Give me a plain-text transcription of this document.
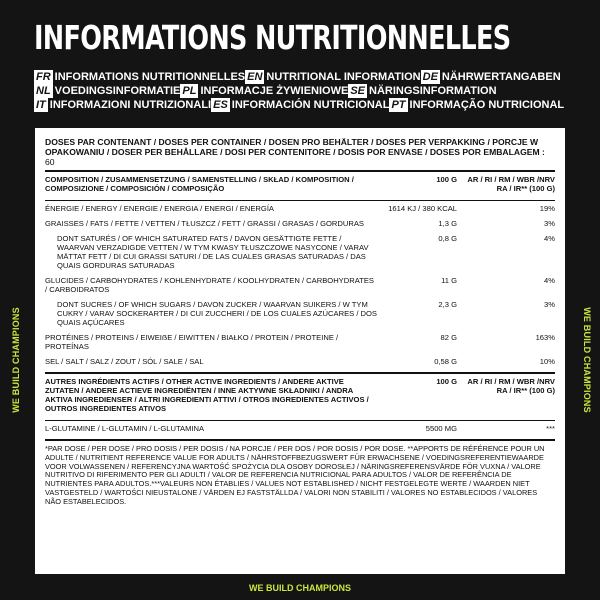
INFORMATIONS NUTRITIONNELLES
FR INFORMATIONS NUTRITIONNELLES EN NUTRITIONAL INFORMATION DE NÄHRWERTANGABEN
NL VOEDINGSINFORMATIE PL INFORMACJE ŻYWIENIOWE SE NÄRINGSINFORMATION
IT INFORMAZIONI NUTRIZIONALI ES INFORMACIÓN NUTRICIONAL PT INFORMAÇÃO NUTRICIONAL
WE BUILD CHAMPIONS	WE BUILD CHAMPIONS
DOSES PAR CONTENANT / DOSES PER CONTAINER / DOSEN PRO BEHÄLTER / DOSES PER VERPAKKING / PORCJE W OPAKOWANIU / DOSER PER BEHÅLLARE / DOSI PER CONTENITORE / DOSIS POR ENVASE / DOSES POR EMBALAGEM : 60
COMPOSITION / ZUSAMMENSETZUNG / SAMENSTELLING / SKŁAD / KOMPOSITION / COMPOSIZIONE / COMPOSICIÓN / COMPOSIÇÃO
100 G	AR / RI / RM / WBR /NRV RA / IR** (100 G)
ÉNERGIE / ENERGY / ENERGIE / ENERGIA / ENERGI / ENERGÍA	1614 KJ / 380 KCAL	19%
GRAISSES / FATS / FETTE / VETTEN / TŁUSZCZ / FETT / GRASSI / GRASAS / GORDURAS	1,3 G	3%
DONT SATURÉS / OF WHICH SATURATED FATS / DAVON GESÄTTIGTE FETTE / WAARVAN VERZADIGDE VETTEN / W TYM KWASY TŁUSZCZOWE NASYCONE / VARAV MÄTTAT FETT / DI CUI GRASSI SATURI / DE LAS CUALES GRASAS SATURADAS / DAS QUAIS GORDURAS SATURADAS
0,8 G	4%
GLUCIDES / CARBOHYDRATES / KOHLENHYDRATE / KOOLHYDRATEN / CARBOHYDRATES / CARBOIDRATOS
11 G	4%
DONT SUCRES / OF WHICH SUGARS / DAVON ZUCKER / WAARVAN SUIKERS / W TYM CUKRY / VARAV SOCKERARTER / DI CUI ZUCCHERI / DE LOS CUALES AZÚCARES / DOS QUAIS AÇÚCARES
2,3 G	3%
PROTÉINES / PROTEINS / EIWEIẞE / EIWITTEN / BIAŁKO / PROTEIN / PROTEINE / PROTEÍNAS
82 G	163%
SEL / SALT / SALZ / ZOUT / SÓL / SALE / SAL	0,58 G	10%
AUTRES INGRÉDIENTS ACTIFS / OTHER ACTIVE INGREDIENTS / ANDERE AKTIVE ZUTATEN / ANDERE ACTIEVE INGREDIËNTEN / INNE AKTYWNE SKŁADNIKI / ANDRA AKTIVA INGREDIENSER / ALTRI INGREDIENTI ATTIVI / OTROS INGREDIENTES ACTIVOS / OUTROS INGREDIENTES ATIVOS
100 G	AR / RI / RM / WBR /NRV RA / IR** (100 G)
L-GLUTAMINE / L-GLUTAMIN / L-GLUTAMINA	5500 MG	***
*PAR DOSE / PER DOSE / PRO DOSIS / PER DOSIS / NA PORCJE / PER DOS / POR DOSIS / POR DOSE. **APPORTS DE RÉFÉRENCE POUR UN ADULTE / NUTRITIENT REFERENCE VALUE FOR ADULTS / NÄHRSTOFFBEZUGSWERT FÜR ERWACHSENE / VOEDINGSREFERENTIEWAARDE VOOR VOLWASSENEN / REFERENCYJNA WARTOŚĆ SPOŻYCIA DLA OSOBY DOROSŁEJ / NÄRINGSREFERENSVÄRDE FÖR VUXNA / VALORE NUTRITIVO DI RIFERIMENTO PER GLI ADULTI / VALOR DE REFERENCIA NUTRICIONAL PARA ADULTOS / VALOR DE REFERÊNCIA DE NUTRIENTES PARA ADULTOS.***VALEURS NON ÉTABLIES / VALUES NOT ESTABLISHED / NICHT FESTGELEGTE WERTE / WAARDEN NIET VASTGESTELD / WARTOŚCI NIEUSTALONE / VÄRDEN EJ FASTSTÄLLDA / VALORI NON STABILITI / VALORES NO ESTABLECIDOS / VALORES NÃO ESTABELECIDOS.
WE BUILD CHAMPIONS
